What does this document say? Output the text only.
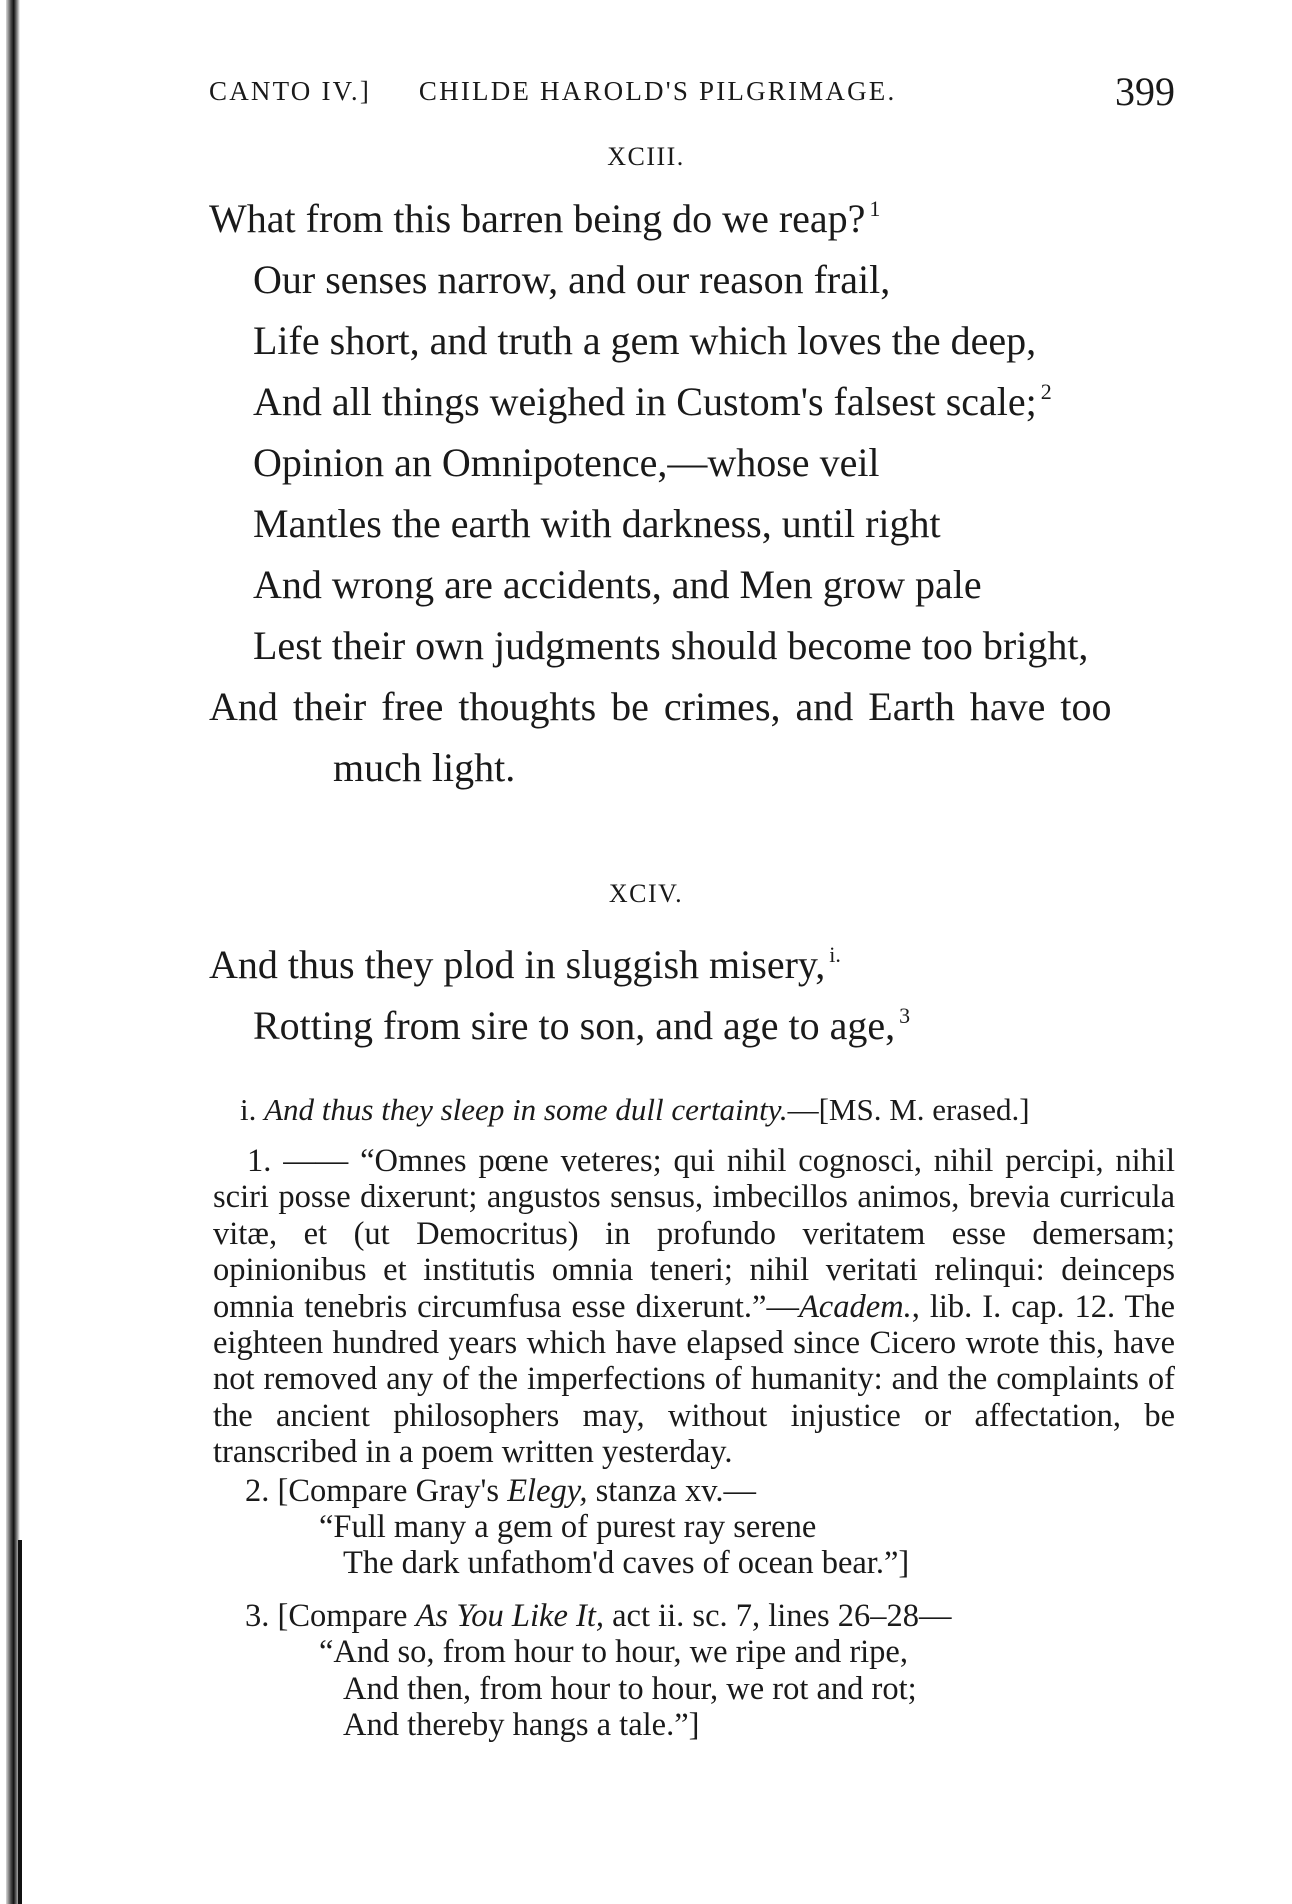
CANTO IV.] CHILDE HAROLD'S PILGRIMAGE.	399
XCIII.
What from this barren being do we reap? $^1$
Our senses narrow, and our reason frail,
Life short, and truth a gem which loves the deep,
And all things weighed in Custom's falsest scale; $^2$
Opinion an Omnipotence,—whose veil
Mantles the earth with darkness, until right
And wrong are accidents, and Men grow pale
Lest their own judgments should become too bright,
And their free thoughts be crimes, and Earth have too
much light.
XCIV.
And thus they plod in sluggish misery, $^{i.}$
Rotting from sire to son, and age to age, $^3$
i. And thus they sleep in some dull certainty.—[MS. M. erased.]
1. —— “Omnes pœne veteres; qui nihil cognosci, nihil percipi, nihil sciri posse dixerunt; angustos sensus, imbecillos animos, brevia curricula vitæ, et (ut Democritus) in profundo veritatem esse demersam; opinionibus et institutis omnia teneri; nihil veritati relinqui: deinceps omnia tenebris circumfusa esse dixerunt.”—Academ., lib. I. cap. 12. The eighteen hundred years which have elapsed since Cicero wrote this, have not removed any of the imperfections of humanity: and the complaints of the ancient philosophers may, without injustice or affectation, be transcribed in a poem written yesterday.
2. [Compare Gray's Elegy, stanza xv.—
“Full many a gem of purest ray serene
The dark unfathom'd caves of ocean bear.”]
3. [Compare As You Like It, act ii. sc. 7, lines 26–28—
“And so, from hour to hour, we ripe and ripe,
And then, from hour to hour, we rot and rot;
And thereby hangs a tale.”]
